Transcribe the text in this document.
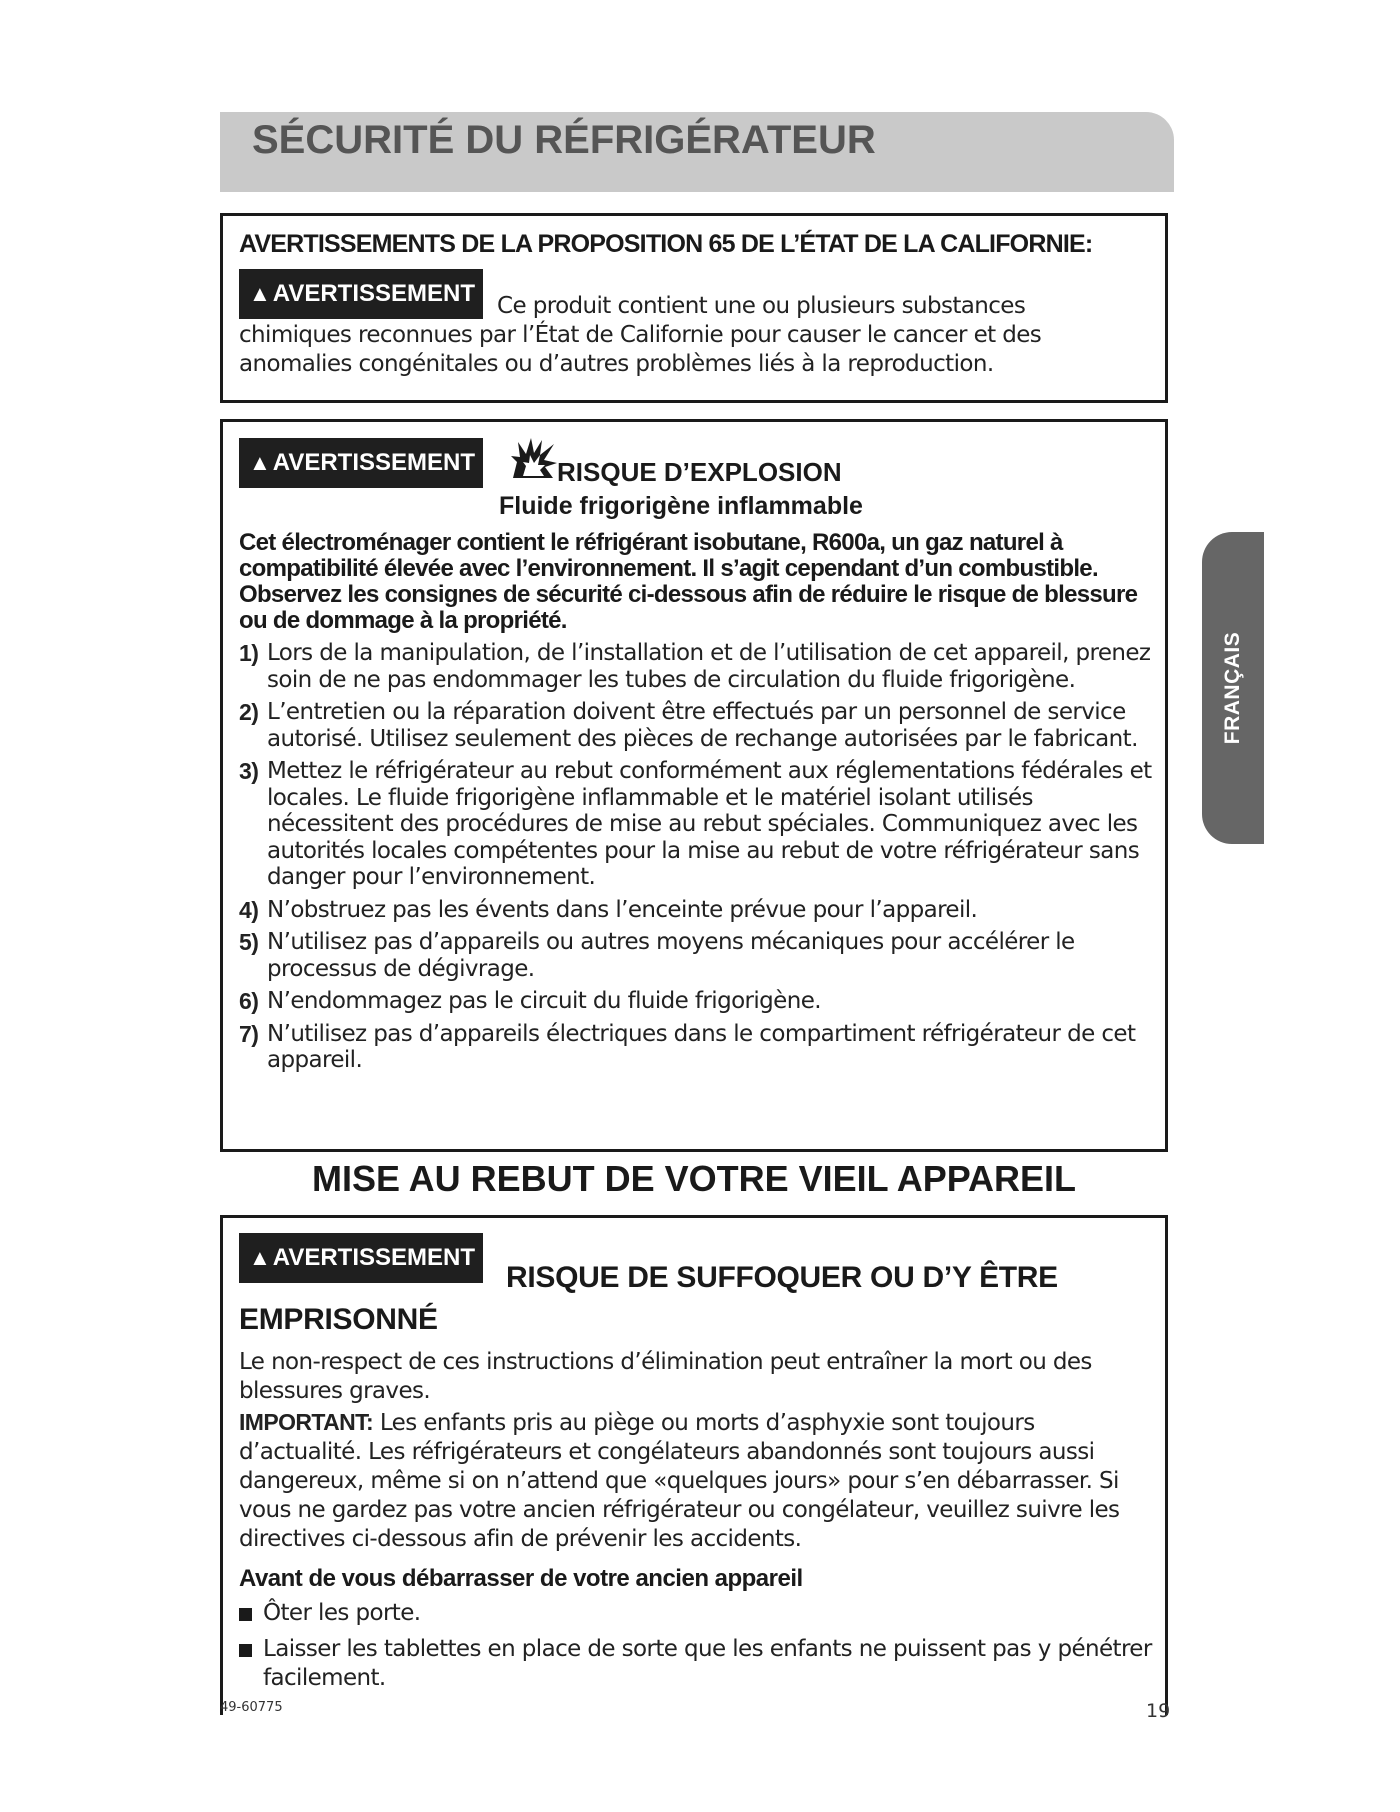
SÉCURITÉ DU RÉFRIGÉRATEUR
FRANÇAIS
AVERTISSEMENTS DE LA PROPOSITION 65 DE L’ÉTAT DE LA CALIFORNIE:
▲AVERTISSEMENT Ce produit contient une ou plusieurs substances chimiques reconnues par l’État de Californie pour causer le cancer et des anomalies congénitales ou d’autres problèmes liés à la reproduction.
▲AVERTISSEMENT	RISQUE D’EXPLOSION
Fluide frigorigène inflammable
Cet électroménager contient le réfrigérant isobutane, R600a, un gaz naturel à compatibilité élevée avec l’environnement. Il s’agit cependant d’un combustible. Observez les consignes de sécurité ci-dessous afin de réduire le risque de blessure ou de dommage à la propriété.
1) Lors de la manipulation, de l’installation et de l’utilisation de cet appareil, prenez soin de ne pas endommager les tubes de circulation du fluide frigorigène.
2) L’entretien ou la réparation doivent être effectués par un personnel de service autorisé. Utilisez seulement des pièces de rechange autorisées par le fabricant.
3) Mettez le réfrigérateur au rebut conformément aux réglementations fédérales et locales. Le fluide frigorigène inflammable et le matériel isolant utilisés nécessitent des procédures de mise au rebut spéciales. Communiquez avec les autorités locales compétentes pour la mise au rebut de votre réfrigérateur sans danger pour l’environnement.
4) N’obstruez pas les évents dans l’enceinte prévue pour l’appareil.
5) N’utilisez pas d’appareils ou autres moyens mécaniques pour accélérer le processus de dégivrage.
6) N’endommagez pas le circuit du fluide frigorigène.
7) N’utilisez pas d’appareils électriques dans le compartiment réfrigérateur de cet appareil.
MISE AU REBUT DE VOTRE VIEIL APPAREIL
▲AVERTISSEMENT
RISQUE DE SUFFOQUER OU D’Y ÊTRE EMPRISONNÉ
Le non-respect de ces instructions d’élimination peut entraîner la mort ou des blessures graves.
IMPORTANT: Les enfants pris au piège ou morts d’asphyxie sont toujours d’actualité. Les réfrigérateurs et congélateurs abandonnés sont toujours aussi dangereux, même si on n’attend que «quelques jours» pour s’en débarrasser. Si vous ne gardez pas votre ancien réfrigérateur ou congélateur, veuillez suivre les directives ci-dessous afin de prévenir les accidents.
Avant de vous débarrasser de votre ancien appareil
Ôter les porte.
Laisser les tablettes en place de sorte que les enfants ne puissent pas y pénétrer facilement.
49-60775	19
